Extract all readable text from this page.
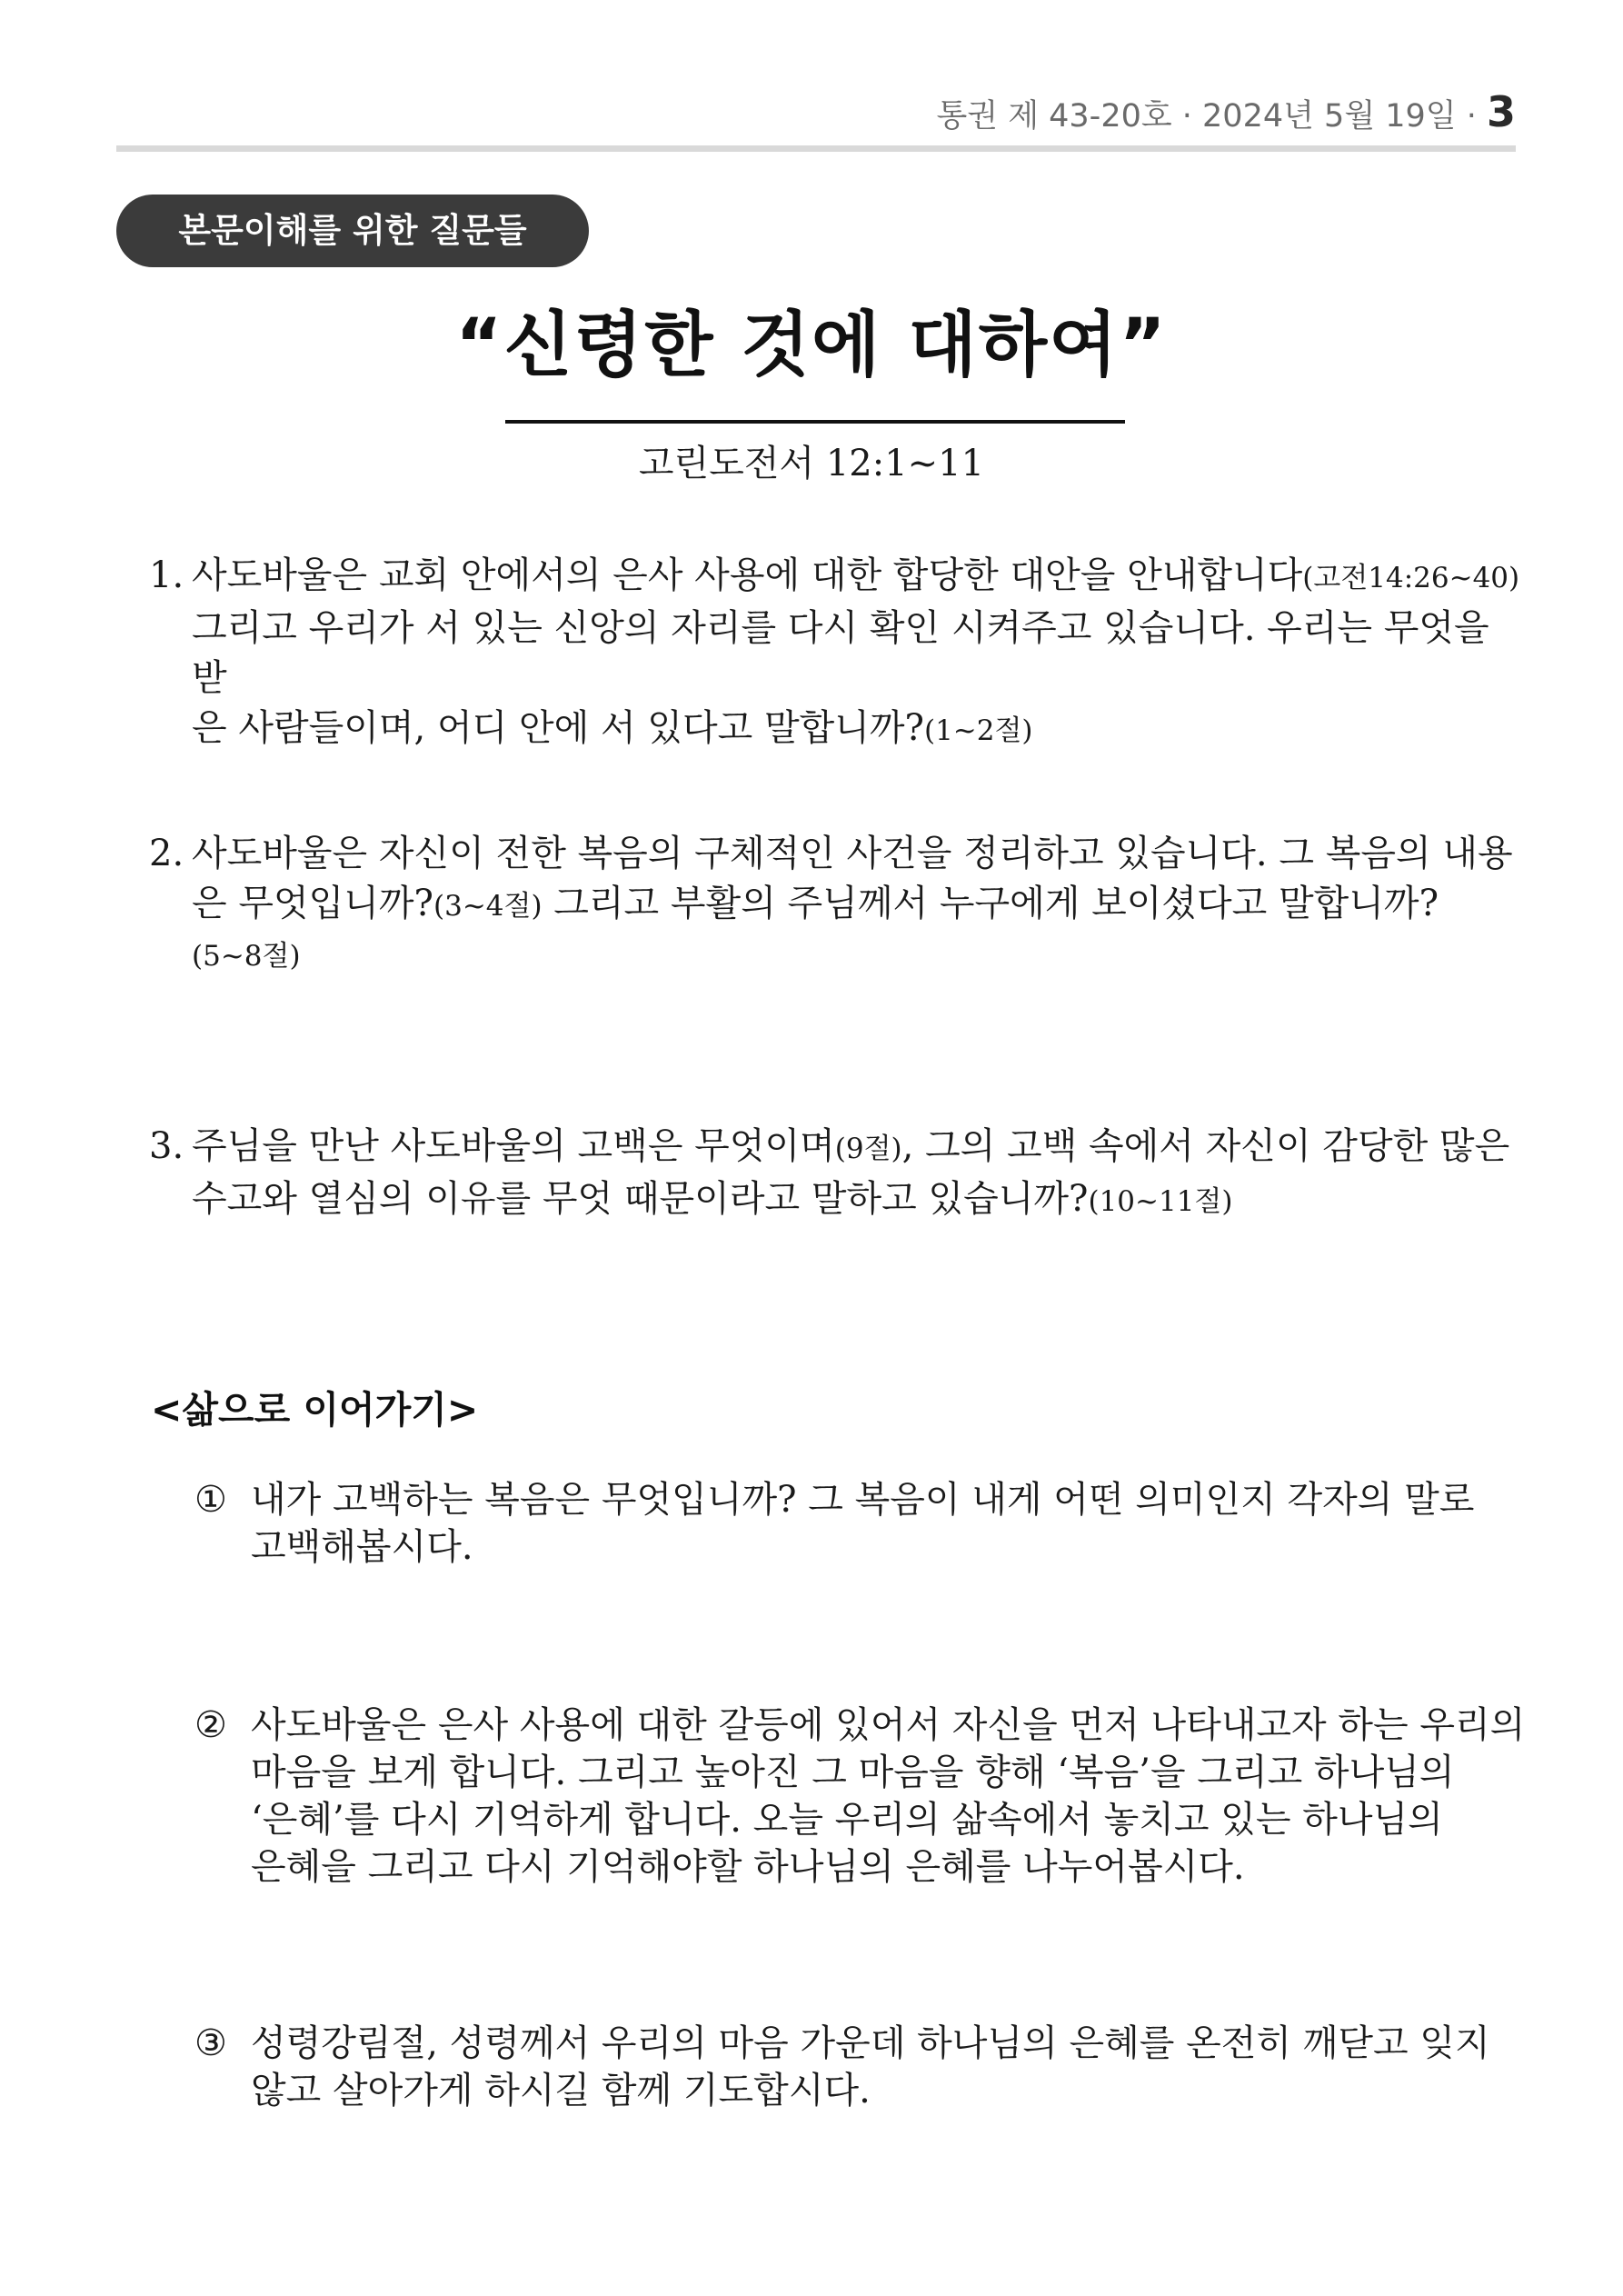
통권 제 43-20호 · 2024년 5월 19일 · 3
본문이해를 위한 질문들
“신령한 것에 대하여”
고린도전서 12:1~11
1. 사도바울은 교회 안에서의 은사 사용에 대한 합당한 대안을 안내합니다(고전14:26~40)
그리고 우리가 서 있는 신앙의 자리를 다시 확인 시켜주고 있습니다. 우리는 무엇을 받
은 사람들이며, 어디 안에 서 있다고 말합니까?(1~2절)
2. 사도바울은 자신이 전한 복음의 구체적인 사건을 정리하고 있습니다. 그 복음의 내용
은 무엇입니까?(3~4절) 그리고 부활의 주님께서 누구에게 보이셨다고 말합니까?
(5~8절)
3. 주님을 만난 사도바울의 고백은 무엇이며(9절), 그의 고백 속에서 자신이 감당한 많은
수고와 열심의 이유를 무엇 때문이라고 말하고 있습니까?(10~11절)
<삶으로 이어가기>
① 내가 고백하는 복음은 무엇입니까? 그 복음이 내게 어떤 의미인지 각자의 말로
고백해봅시다.
② 사도바울은 은사 사용에 대한 갈등에 있어서 자신을 먼저 나타내고자 하는 우리의
마음을 보게 합니다. 그리고 높아진 그 마음을 향해 ‘복음’을 그리고 하나님의
‘은혜’를 다시 기억하게 합니다. 오늘 우리의 삶속에서 놓치고 있는 하나님의
은혜을 그리고 다시 기억해야할 하나님의 은혜를 나누어봅시다.
③ 성령강림절, 성령께서 우리의 마음 가운데 하나님의 은혜를 온전히 깨닫고 잊지
않고 살아가게 하시길 함께 기도합시다.
